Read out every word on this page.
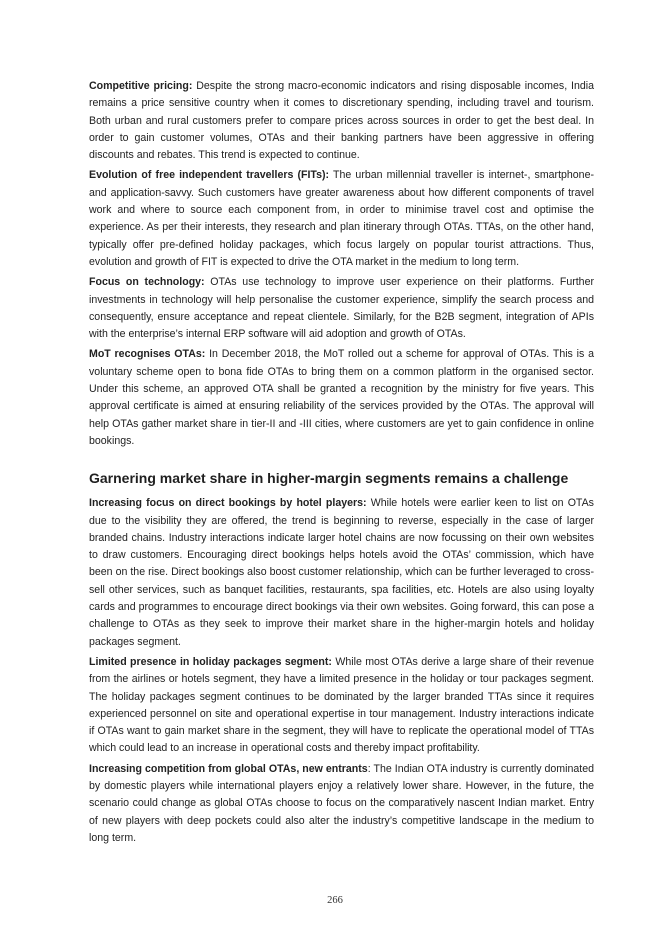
Competitive pricing: Despite the strong macro-economic indicators and rising disposable incomes, India remains a price sensitive country when it comes to discretionary spending, including travel and tourism. Both urban and rural customers prefer to compare prices across sources in order to get the best deal. In order to gain customer volumes, OTAs and their banking partners have been aggressive in offering discounts and rebates. This trend is expected to continue.

Evolution of free independent travellers (FITs): The urban millennial traveller is internet-, smartphone- and application-savvy. Such customers have greater awareness about how different components of travel work and where to source each component from, in order to minimise travel cost and optimise the experience. As per their interests, they research and plan itinerary through OTAs. TTAs, on the other hand, typically offer pre-defined holiday packages, which focus largely on popular tourist attractions. Thus, evolution and growth of FIT is expected to drive the OTA market in the medium to long term.

Focus on technology: OTAs use technology to improve user experience on their platforms. Further investments in technology will help personalise the customer experience, simplify the search process and consequently, ensure acceptance and repeat clientele. Similarly, for the B2B segment, integration of APIs with the enterprise’s internal ERP software will aid adoption and growth of OTAs.

MoT recognises OTAs: In December 2018, the MoT rolled out a scheme for approval of OTAs. This is a voluntary scheme open to bona fide OTAs to bring them on a common platform in the organised sector. Under this scheme, an approved OTA shall be granted a recognition by the ministry for five years. This approval certificate is aimed at ensuring reliability of the services provided by the OTAs. The approval will help OTAs gather market share in tier-II and -III cities, where customers are yet to gain confidence in online bookings.

Garnering market share in higher-margin segments remains a challenge

Increasing focus on direct bookings by hotel players: While hotels were earlier keen to list on OTAs due to the visibility they are offered, the trend is beginning to reverse, especially in the case of larger branded chains. Industry interactions indicate larger hotel chains are now focussing on their own websites to draw customers. Encouraging direct bookings helps hotels avoid the OTAs’ commission, which have been on the rise. Direct bookings also boost customer relationship, which can be further leveraged to cross-sell other services, such as banquet facilities, restaurants, spa facilities, etc. Hotels are also using loyalty cards and programmes to encourage direct bookings via their own websites. Going forward, this can pose a challenge to OTAs as they seek to improve their market share in the higher-margin hotels and holiday packages segment.

Limited presence in holiday packages segment: While most OTAs derive a large share of their revenue from the airlines or hotels segment, they have a limited presence in the holiday or tour packages segment. The holiday packages segment continues to be dominated by the larger branded TTAs since it requires experienced personnel on site and operational expertise in tour management. Industry interactions indicate if OTAs want to gain market share in the segment, they will have to replicate the operational model of TTAs which could lead to an increase in operational costs and thereby impact profitability.

Increasing competition from global OTAs, new entrants: The Indian OTA industry is currently dominated by domestic players while international players enjoy a relatively lower share. However, in the future, the scenario could change as global OTAs choose to focus on the comparatively nascent Indian market. Entry of new players with deep pockets could also alter the industry’s competitive landscape in the medium to long term.

266
